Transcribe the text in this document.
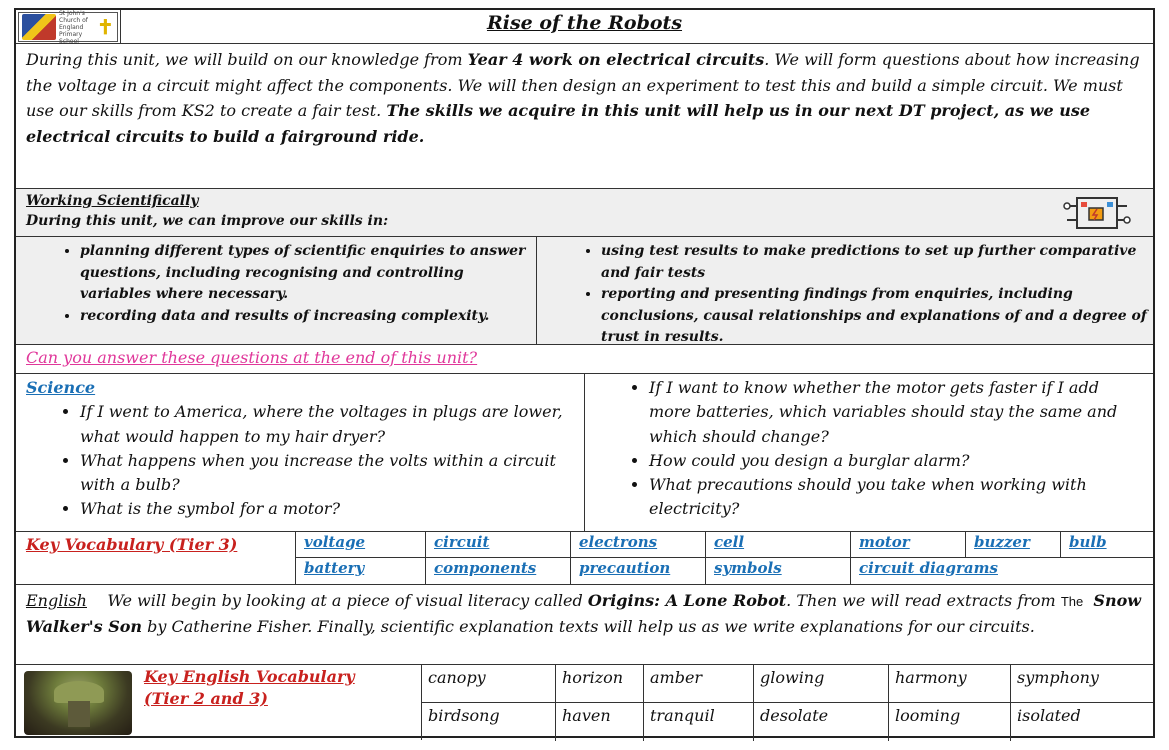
St John's Church of England Primary School
✝	Rise of the Robots
During this unit, we will build on our knowledge from Year 4 work on electrical circuits. We will form questions about how increasing the voltage in a circuit might affect the components. We will then design an experiment to test this and build a simple circuit. We must use our skills from KS2 to create a fair test. The skills we acquire in this unit will help us in our next DT project, as we use electrical circuits to build a fairground ride.
Working Scientifically
During this unit, we can improve our skills in:
• planning different types of scientific enquiries to answer questions, including recognising and controlling variables where necessary.
• recording data and results of increasing complexity.
• using test results to make predictions to set up further comparative and fair tests
• reporting and presenting findings from enquiries, including conclusions, causal relationships and explanations of and a degree of trust in results.
Can you answer these questions at the end of this unit?
Science
• If I went to America, where the voltages in plugs are lower, what would happen to my hair dryer?
• What happens when you increase the volts within a circuit with a bulb?
• What is the symbol for a motor?
• If I want to know whether the motor gets faster if I add more batteries, which variables should stay the same and which should change?
• How could you design a burglar alarm?
• What precautions should you take when working with electricity?
Key Vocabulary (Tier 3)	voltage	circuit	electrons	cell	motor	buzzer	bulb
battery	components	precaution	symbols	circuit diagrams
English We will begin by looking at a piece of visual literacy called Origins: A Lone Robot. Then we will read extracts from The Snow Walker's Son by Catherine Fisher. Finally, scientific explanation texts will help us as we write explanations for our circuits.
Key English Vocabulary (Tier 2 and 3)
canopy	horizon	amber	glowing	harmony	symphony
birdsong	haven	tranquil	desolate	looming	isolated
